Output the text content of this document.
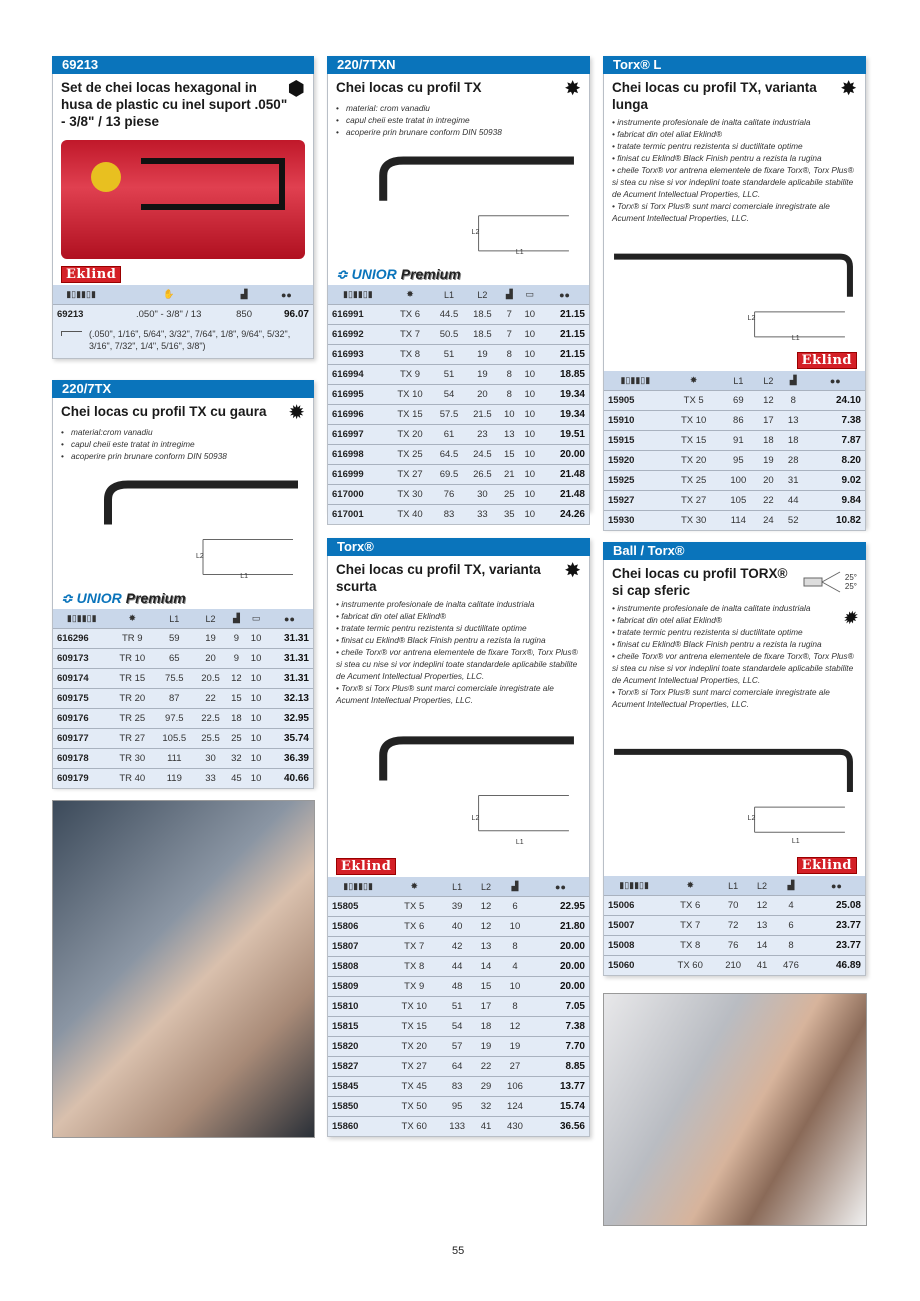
69213
Set de chei locas hexagonal in husa de plastic cu inel suport .050" - 3/8" / 13 piese
⬢
Eklind
▮▯▮▮▯▮	✋	▟	●●
69213	.050" - 3/8" / 13	850	96.07
(.050", 1/16", 5/64", 3/32", 7/64", 1/8", 9/64", 5/32", 3/16", 7/32", 1/4", 5/16", 3/8")
220/7TX
Chei locas cu profil TX cu gaura ✹
• material:crom vanadiu
• capul cheii este tratat in intregime
• acoperire prin brunare conform DIN 50938
L2
L1
≎ UNIOR Premium
▮▯▮▮▯▮	✸	L1	L2	▟	▭	●●
616296	TR 9	59	19	9	10	31.31
609173	TR 10	65	20	9	10	31.31
609174	TR 15	75.5	20.5	12	10	31.31
609175	TR 20	87	22	15	10	32.13
609176	TR 25	97.5	22.5	18	10	32.95
609177	TR 27	105.5	25.5	25	10	35.74
609178	TR 30	111	30	32	10	36.39
609179	TR 40	119	33	45	10	40.66
220/7TXN
Chei locas cu profil TX	✸
• material: crom vanadiu
• capul cheii este tratat in intregime
• acoperire prin brunare conform DIN 50938
L2
L1
≎ UNIOR Premium
▮▯▮▮▯▮	✸	L1	L2	▟	▭	●●
616991	TX 6	44.5	18.5	7	10	21.15
616992	TX 7	50.5	18.5	7	10	21.15
616993	TX 8	51	19	8	10	21.15
616994	TX 9	51	19	8	10	18.85
616995	TX 10	54	20	8	10	19.34
616996	TX 15	57.5	21.5	10	10	19.34
616997	TX 20	61	23	13	10	19.51
616998	TX 25	64.5	24.5	15	10	20.00
616999	TX 27	69.5	26.5	21	10	21.48
617000	TX 30	76	30	25	10	21.48
617001	TX 40	83	33	35	10	24.26
Torx®
Chei locas cu profil TX, varianta scurta
✸
• instrumente profesionale de inalta calitate industriala
• fabricat din otel aliat Eklind®
• tratate termic pentru rezistenta si ductilitate optime
• finisat cu Eklind® Black Finish pentru a rezista la rugina
• cheile Torx® vor antrena elementele de fixare Torx®, Torx Plus® si stea cu nise si vor indeplini toate standardele aplicabile stabilite de Acument Intellectual Properties, LLC.
• Torx® si Torx Plus® sunt marci comerciale inregistrate ale Acument Intellectual Properties, LLC.
L2
L1
Eklind
▮▯▮▮▯▮	✸	L1	L2	▟	●●
15805	TX 5	39	12	6	22.95
15806	TX 6	40	12	10	21.80
15807	TX 7	42	13	8	20.00
15808	TX 8	44	14	4	20.00
15809	TX 9	48	15	10	20.00
15810	TX 10	51	17	8	7.05
15815	TX 15	54	18	12	7.38
15820	TX 20	57	19	19	7.70
15827	TX 27	64	22	27	8.85
15845	TX 45	83	29	106	13.77
15850	TX 50	95	32	124	15.74
15860	TX 60	133	41	430	36.56
Torx® L
Chei locas cu profil TX, varianta lunga
✸
• instrumente profesionale de inalta calitate industriala
• fabricat din otel aliat Eklind®
• tratate termic pentru rezistenta si ductilitate optime
• finisat cu Eklind® Black Finish pentru a rezista la rugina
• cheile Torx® vor antrena elementele de fixare Torx®, Torx Plus® si stea cu nise si vor indeplini toate standardele aplicabile stabilite de Acument Intellectual Properties, LLC.
• Torx® si Torx Plus® sunt marci comerciale inregistrate ale Acument Intellectual Properties, LLC.
L2
L1
Eklind
▮▯▮▮▯▮	✸	L1	L2	▟	●●
15905	TX 5	69	12	8	24.10
15910	TX 10	86	17	13	7.38
15915	TX 15	91	18	18	7.87
15920	TX 20	95	19	28	8.20
15925	TX 25	100	20	31	9.02
15927	TX 27	105	22	44	9.84
15930	TX 30	114	24	52	10.82
Ball / Torx®
Chei locas cu profil TORX® si cap sferic
25°
25°
✹
• instrumente profesionale de inalta calitate industriala
• fabricat din otel aliat Eklind®
• tratate termic pentru rezistenta si ductilitate optime
• finisat cu Eklind® Black Finish pentru a rezista la rugina
• cheile Torx® vor antrena elementele de fixare Torx®, Torx Plus® si stea cu nise si vor indeplini toate standardele aplicabile stabilite de Acument Intellectual Properties, LLC.
• Torx® si Torx Plus® sunt marci comerciale inregistrate ale Acument Intellectual Properties, LLC.
L2
L1
Eklind
▮▯▮▮▯▮	✸	L1	L2	▟	●●
15006	TX 6	70	12	4	25.08
15007	TX 7	72	13	6	23.77
15008	TX 8	76	14	8	23.77
15060	TX 60	210	41	476	46.89
55
